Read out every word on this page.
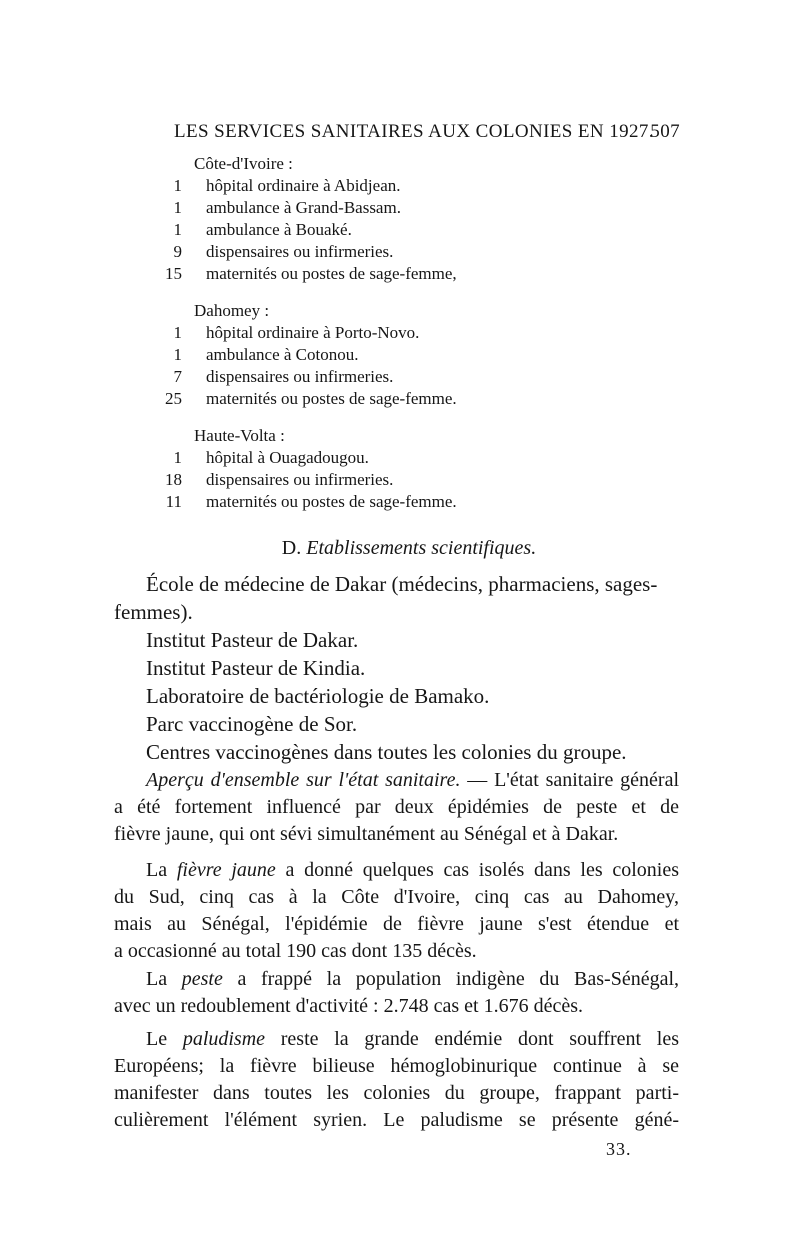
LES SERVICES SANITAIRES AUX COLONIES EN 1927.
507
Côte-d'Ivoire :
1	hôpital ordinaire à Abidjean.
1	ambulance à Grand-Bassam.
1	ambulance à Bouaké.
9	dispensaires ou infirmeries.
15	maternités ou postes de sage-femme,
Dahomey :
1	hôpital ordinaire à Porto-Novo.
1	ambulance à Cotonou.
7	dispensaires ou infirmeries.
25	maternités ou postes de sage-femme.
Haute-Volta :
1	hôpital à Ouagadougou.
18	dispensaires ou infirmeries.
11	maternités ou postes de sage-femme.
D. Etablissements scientifiques.
École de médecine de Dakar (médecins, pharmaciens, sages-
femmes).
Institut Pasteur de Dakar.
Institut Pasteur de Kindia.
Laboratoire de bactériologie de Bamako.
Parc vaccinogène de Sor.
Centres vaccinogènes dans toutes les colonies du groupe.
Aperçu d'ensemble sur l'état sanitaire. — L'état sanitaire général
a été fortement influencé par deux épidémies de peste et de
fièvre jaune, qui ont sévi simultanément au Sénégal et à Dakar.
La fièvre jaune a donné quelques cas isolés dans les colonies
du Sud, cinq cas à la Côte d'Ivoire, cinq cas au Dahomey,
mais au Sénégal, l'épidémie de fièvre jaune s'est étendue et
a occasionné au total 190 cas dont 135 décès.
La peste a frappé la population indigène du Bas-Sénégal,
avec un redoublement d'activité : 2.748 cas et 1.676 décès.
Le paludisme reste la grande endémie dont souffrent les
Européens; la fièvre bilieuse hémoglobinurique continue à se
manifester dans toutes les colonies du groupe, frappant parti-
culièrement l'élément syrien. Le paludisme se présente géné-
33.
